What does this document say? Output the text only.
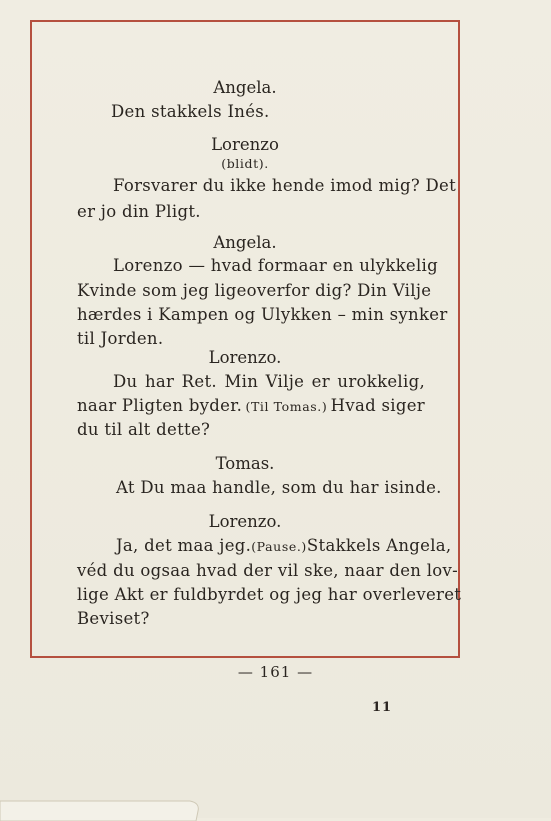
Angela.
Den stakkels Inés.
Lorenzo
(blidt).
Forsvarer du ikke hende imod mig? Det
er jo din Pligt.
Angela.
Lorenzo — hvad formaar en ulykkelig
Kvinde som jeg ligeoverfor dig? Din Vilje
hærdes i Kampen og Ulykken – min synker
til Jorden.
Lorenzo.
Du har Ret. Min Vilje er urokkelig,
naar Pligten byder. (Til Tomas.) Hvad siger
du til alt dette?
Tomas.
At Du maa handle, som du har isinde.
Lorenzo.
Ja, det maa jeg. (Pause.) Stakkels Angela,
véd du ogsaa hvad der vil ske, naar den lov-
lige Akt er fuldbyrdet og jeg har overleveret
Beviset?
— 161 —
11
